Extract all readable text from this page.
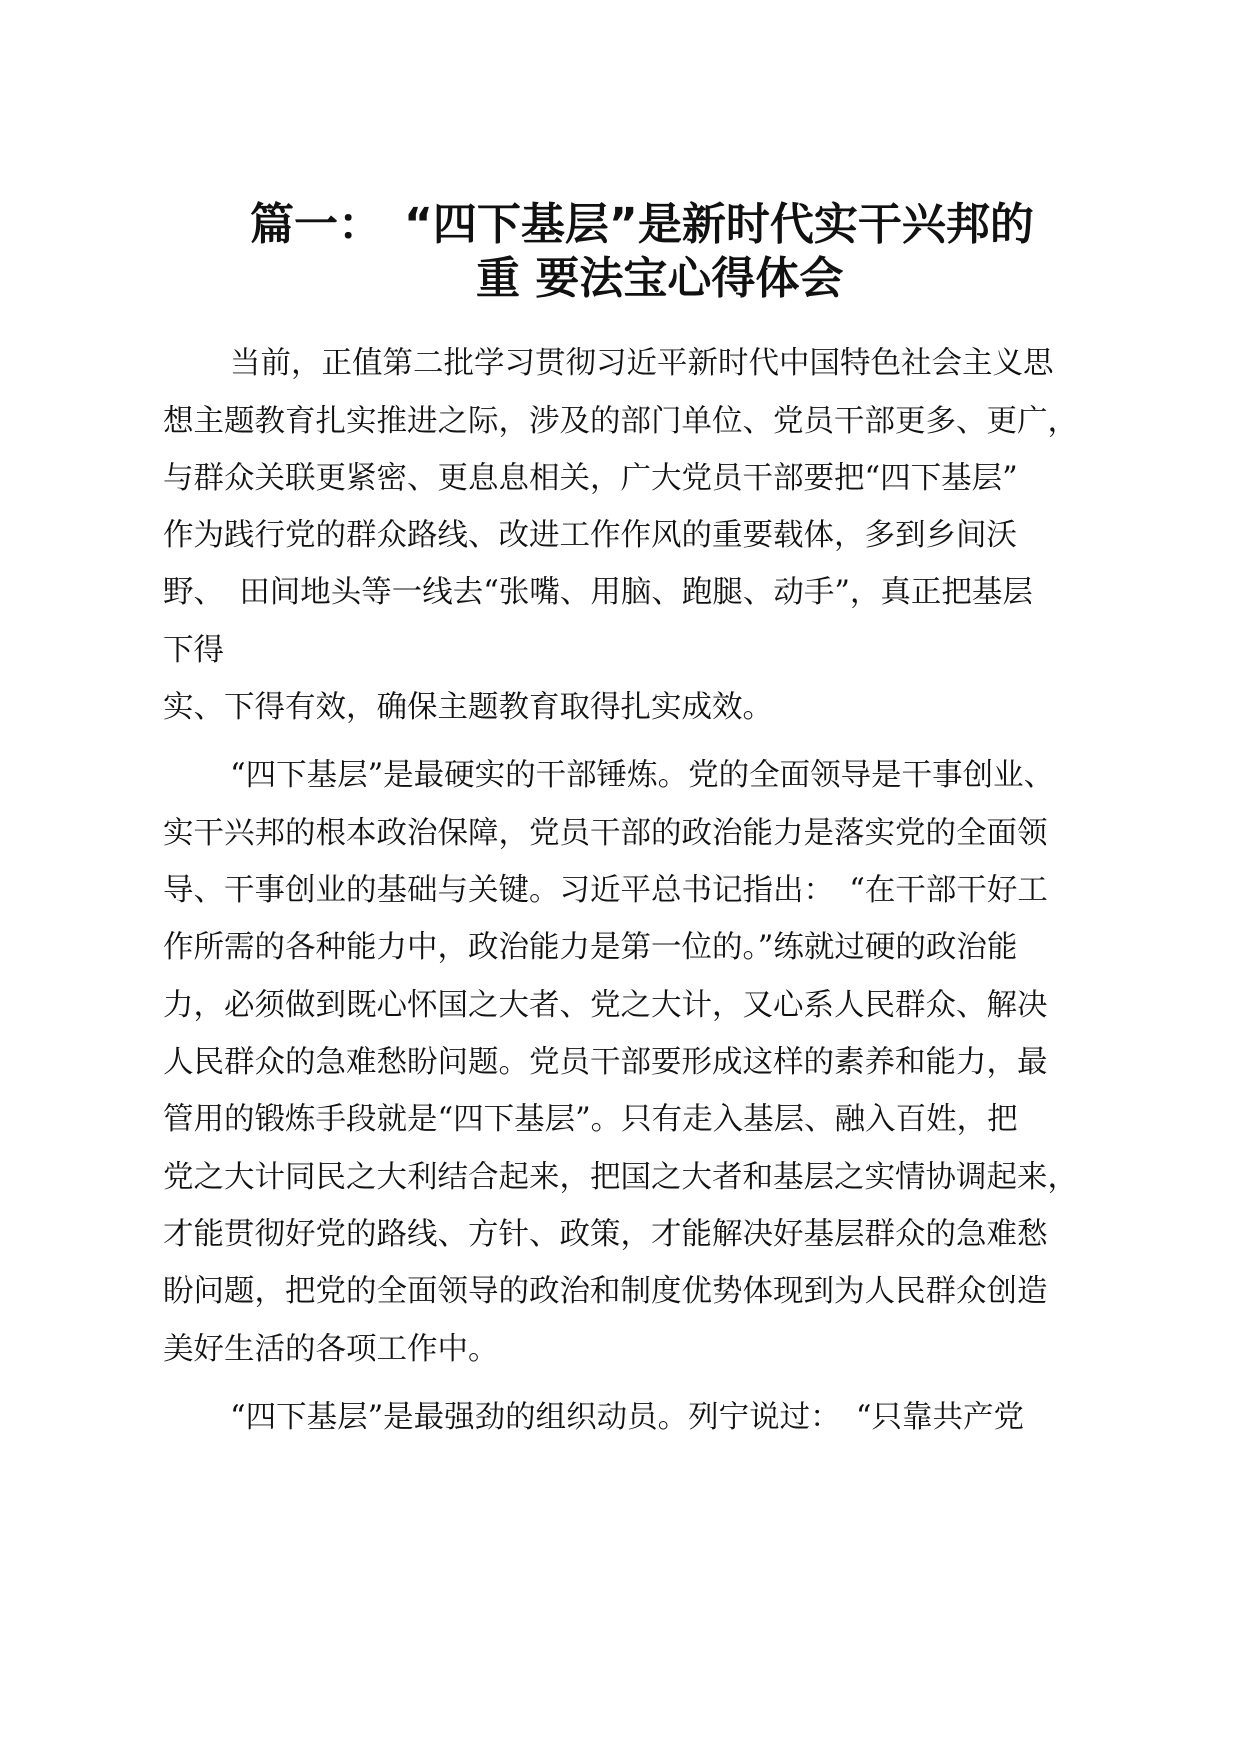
篇一：　“四下基层”是新时代实干兴邦的
重 要法宝心得体会
当前，正值第二批学习贯彻习近平新时代中国特色社会主义思
想主题教育扎实推进之际，涉及的部门单位、党员干部更多、更广，
与群众关联更紧密、更息息相关，广大党员干部要把“四下基层”
作为践行党的群众路线、改进工作作风的重要载体，多到乡间沃
野、　田间地头等一线去“张嘴、用脑、跑腿、动手”，真正把基层
下得
实、下得有效，确保主题教育取得扎实成效。
“四下基层”是最硬实的干部锤炼。党的全面领导是干事创业、
实干兴邦的根本政治保障，党员干部的政治能力是落实党的全面领
导、干事创业的基础与关键。习近平总书记指出：　“在干部干好工
作所需的各种能力中，政治能力是第一位的。”练就过硬的政治能
力，必须做到既心怀国之大者、党之大计，又心系人民群众、解决
人民群众的急难愁盼问题。党员干部要形成这样的素养和能力，最
管用的锻炼手段就是“四下基层”。只有走入基层、融入百姓，把
党之大计同民之大利结合起来，把国之大者和基层之实情协调起来，
才能贯彻好党的路线、方针、政策，才能解决好基层群众的急难愁
盼问题，把党的全面领导的政治和制度优势体现到为人民群众创造
美好生活的各项工作中。
“四下基层”是最强劲的组织动员。列宁说过：　“只靠共产党
